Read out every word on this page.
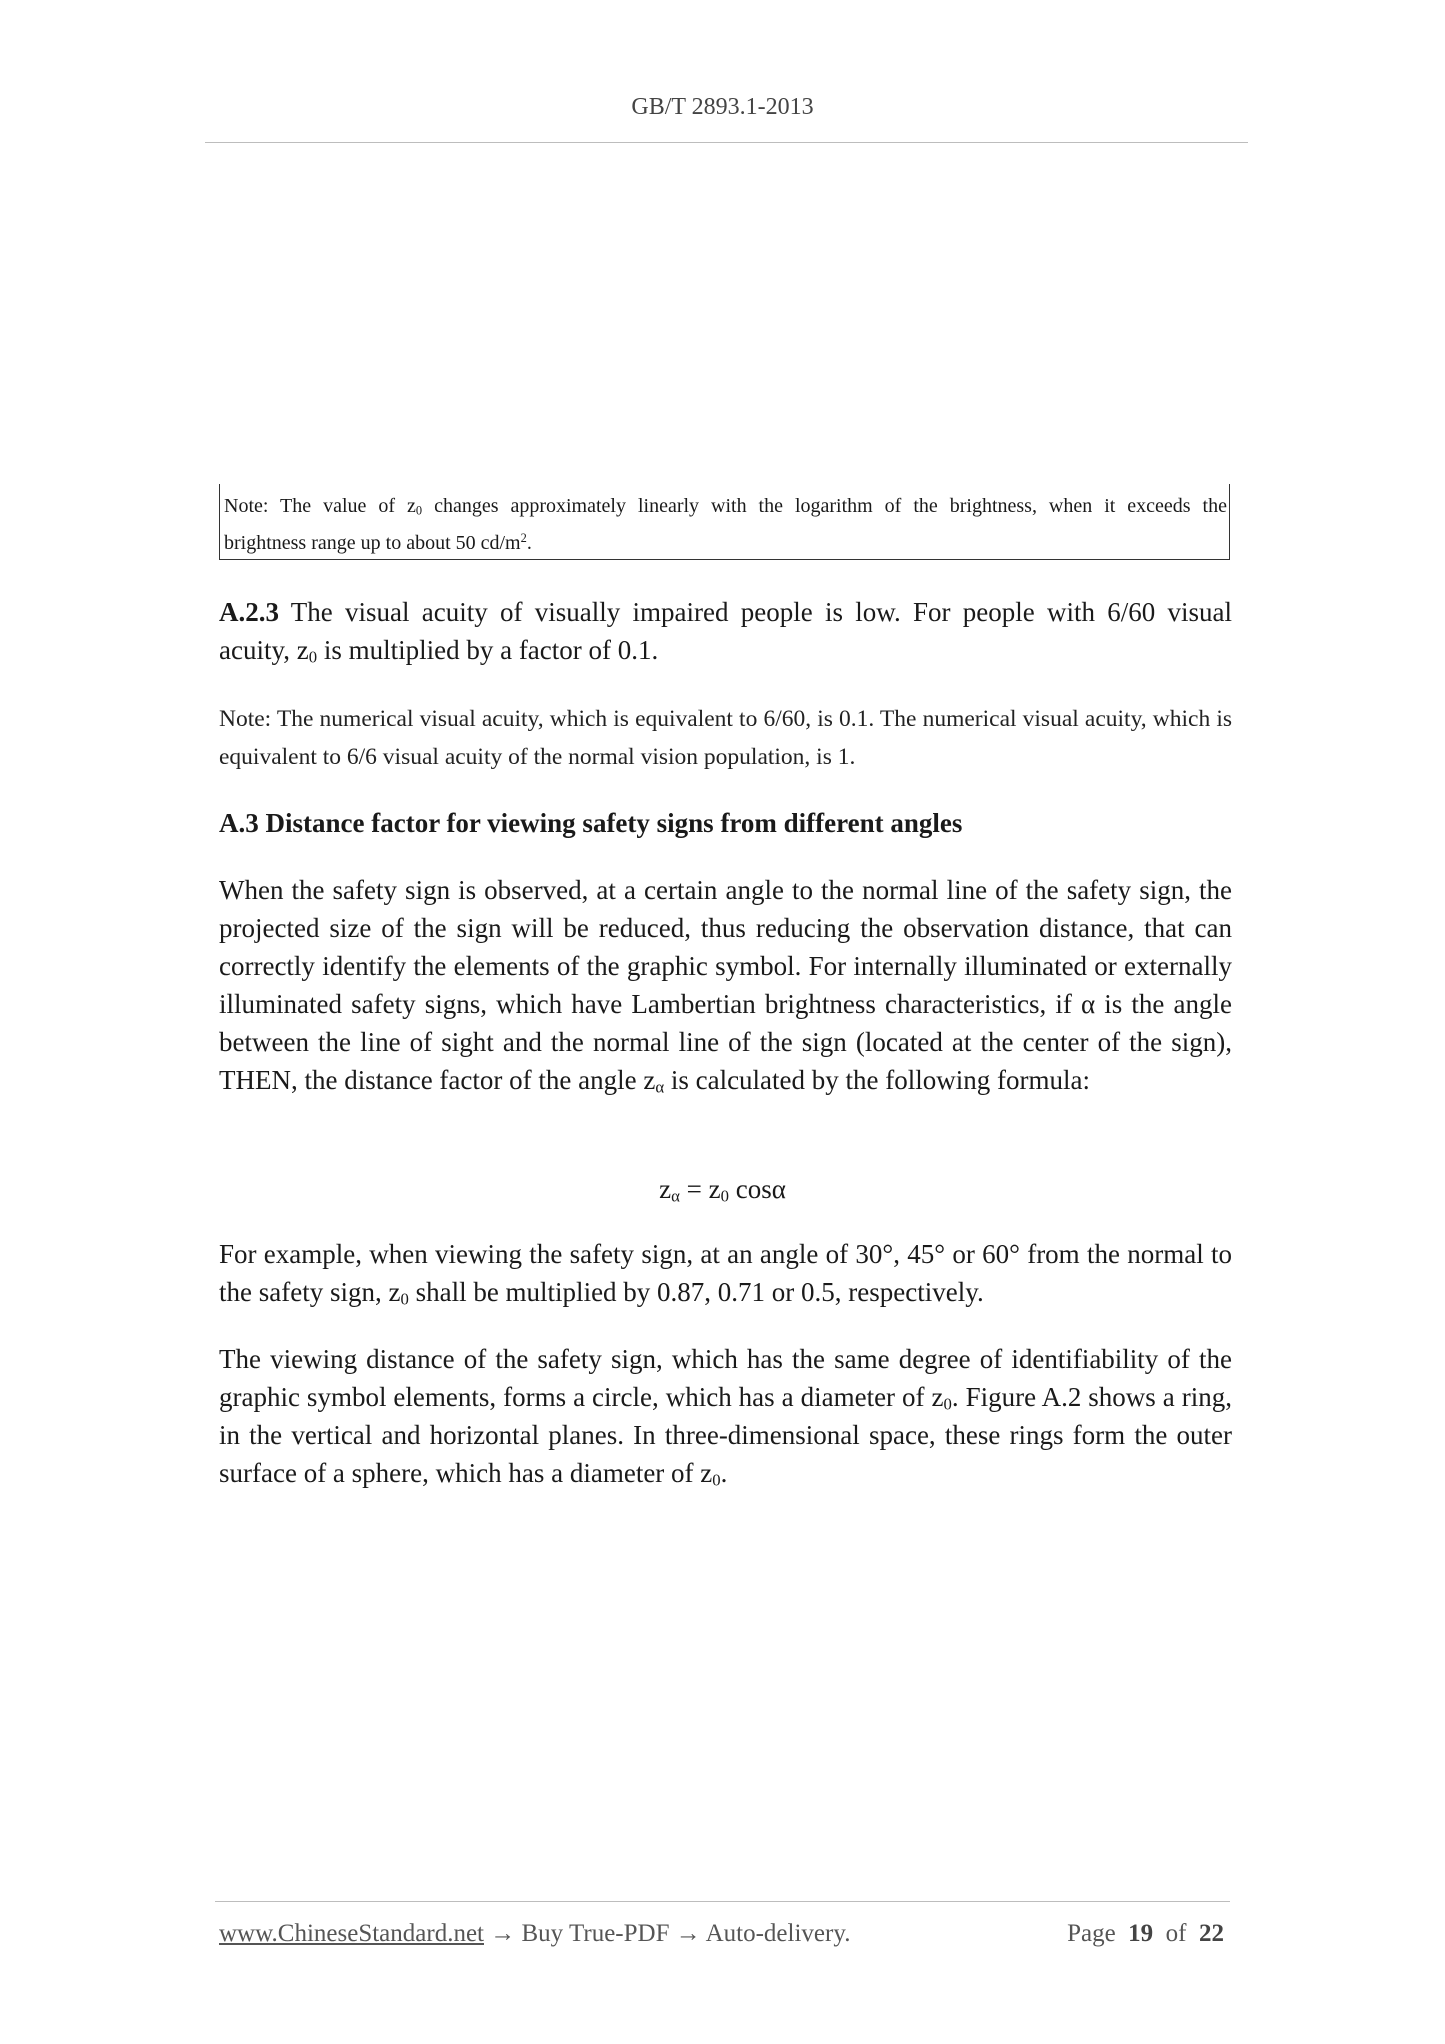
GB/T 2893.1-2013
Note: The value of $z_0$ changes approximately linearly with the logarithm of the brightness, when it exceeds the
brightness range up to about 50 $cd/m^2$.
A.2.3 The visual acuity of visually impaired people is low. For people with 6/60 visual acuity, $z_0$ is multiplied by a factor of 0.1.
Note: The numerical visual acuity, which is equivalent to 6/60, is 0.1. The numerical visual acuity, which is equivalent to 6/6 visual acuity of the normal vision population, is 1.
A.3 Distance factor for viewing safety signs from different angles
When the safety sign is observed, at a certain angle to the normal line of the safety sign, the projected size of the sign will be reduced, thus reducing the observation distance, that can correctly identify the elements of the graphic symbol. For internally illuminated or externally illuminated safety signs, which have Lambertian brightness characteristics, if α is the angle between the line of sight and the normal line of the sign (located at the center of the sign), THEN, the distance factor of the angle $z_\alpha$ is calculated by the following formula:
$z_\alpha = z_0$ cosα
For example, when viewing the safety sign, at an angle of 30°, 45° or 60° from the normal to the safety sign, $z_0$ shall be multiplied by 0.87, 0.71 or 0.5, respectively.
The viewing distance of the safety sign, which has the same degree of identifiability of the graphic symbol elements, forms a circle, which has a diameter of $z_0$. Figure A.2 shows a ring, in the vertical and horizontal planes. In three-dimensional space, these rings form the outer surface of a sphere, which has a diameter of $z_0$.
www.ChineseStandard.net → Buy True-PDF → Auto-delivery.	Page 19 of 22
